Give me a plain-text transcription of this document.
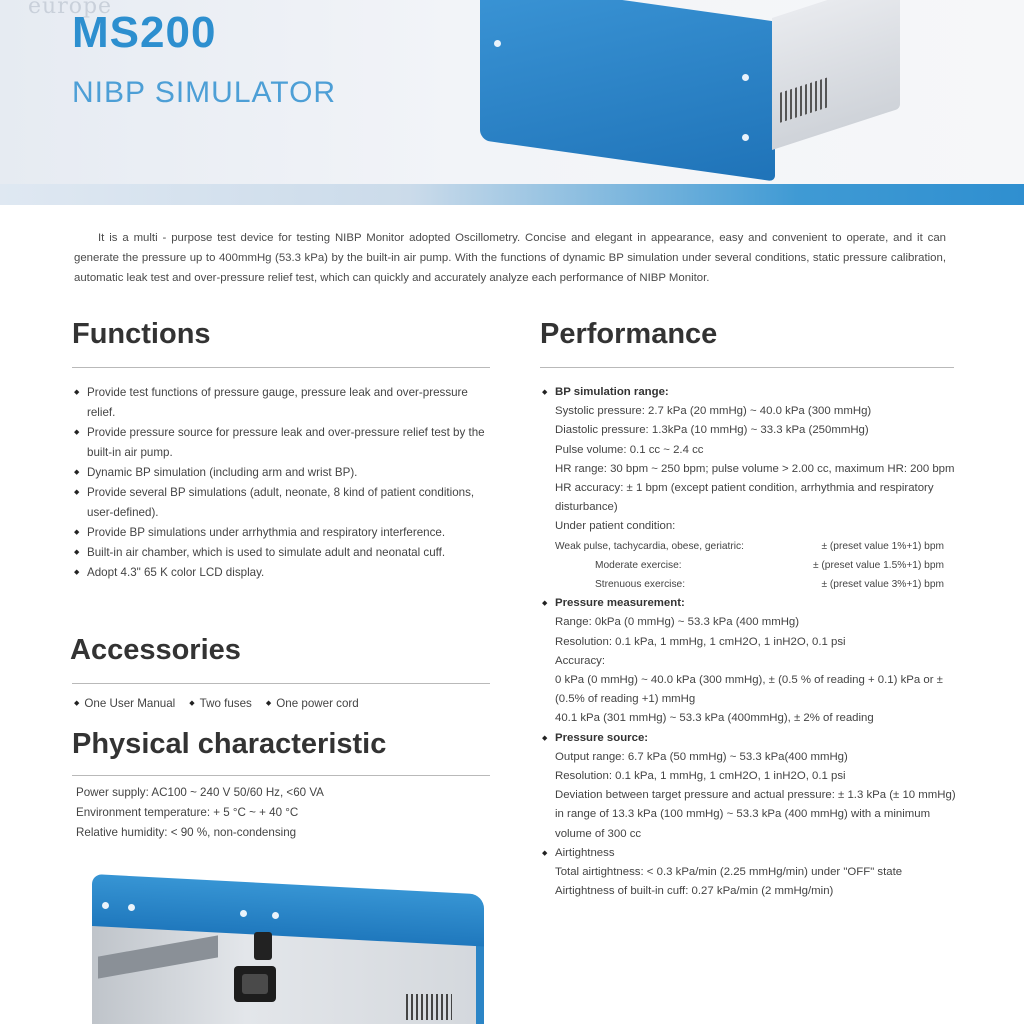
europe
MS200
NIBP SIMULATOR

It is a multi - purpose test device for testing NIBP Monitor adopted Oscillometry. Concise and elegant in appearance, easy and convenient to operate, and it can generate the pressure up to 400mmHg (53.3 kPa) by the built-in air pump. With the functions of dynamic BP simulation under several conditions, static pressure calibration, automatic leak test and over-pressure relief test, which can quickly and accurately analyze each performance of NIBP Monitor.

Functions
◆ Provide test functions of pressure gauge, pressure leak and over-pressure relief.
◆ Provide pressure source for pressure leak and over-pressure relief test by the built-in air pump.
◆ Dynamic BP simulation (including arm and wrist BP).
◆ Provide several BP simulations (adult, neonate, 8 kind of patient conditions, user-defined).
◆ Provide BP simulations under arrhythmia and respiratory interference.
◆ Built-in air chamber, which is used to simulate adult and neonatal cuff.
◆ Adopt 4.3" 65 K color LCD display.
Accessories
◆ One User Manual	◆ Two fuses	◆ One power cord
Physical characteristic
Power supply: AC100 ~ 240 V 50/60 Hz, <60 VA
Environment temperature: + 5 °C ~ + 40 °C
Relative humidity: < 90 %, non-condensing
Performance
◆ BP simulation range:
Systolic pressure: 2.7 kPa (20 mmHg) ~ 40.0 kPa (300 mmHg)
Diastolic pressure: 1.3kPa (10 mmHg) ~ 33.3 kPa (250mmHg)
Pulse volume: 0.1 cc ~ 2.4 cc
HR range: 30 bpm ~ 250 bpm; pulse volume > 2.00 cc, maximum HR: 200 bpm
HR accuracy: ± 1 bpm (except patient condition, arrhythmia and respiratory disturbance)
Under patient condition:
Weak pulse, tachycardia, obese, geriatric:	± (preset value 1%+1) bpm
Moderate exercise:	± (preset value 1.5%+1) bpm
Strenuous exercise:	± (preset value 3%+1) bpm
◆ Pressure measurement:
Range: 0kPa (0 mmHg) ~ 53.3 kPa (400 mmHg)
Resolution: 0.1 kPa, 1 mmHg, 1 cmH2O, 1 inH2O, 0.1 psi
Accuracy:
0 kPa (0 mmHg) ~ 40.0 kPa (300 mmHg), ± (0.5 % of reading + 0.1) kPa or ± (0.5% of reading +1) mmHg
40.1 kPa (301 mmHg) ~ 53.3 kPa (400mmHg), ± 2% of reading
◆ Pressure source:
Output range: 6.7 kPa (50 mmHg) ~ 53.3 kPa(400 mmHg)
Resolution: 0.1 kPa, 1 mmHg, 1 cmH2O, 1 inH2O, 0.1 psi
Deviation between target pressure and actual pressure: ± 1.3 kPa (± 10 mmHg) in range of 13.3 kPa (100 mmHg) ~ 53.3 kPa (400 mmHg) with a minimum volume of 300 cc
◆ Airtightness
Total airtightness: < 0.3 kPa/min (2.25 mmHg/min) under "OFF" state
Airtightness of built-in cuff: 0.27 kPa/min (2 mmHg/min)
